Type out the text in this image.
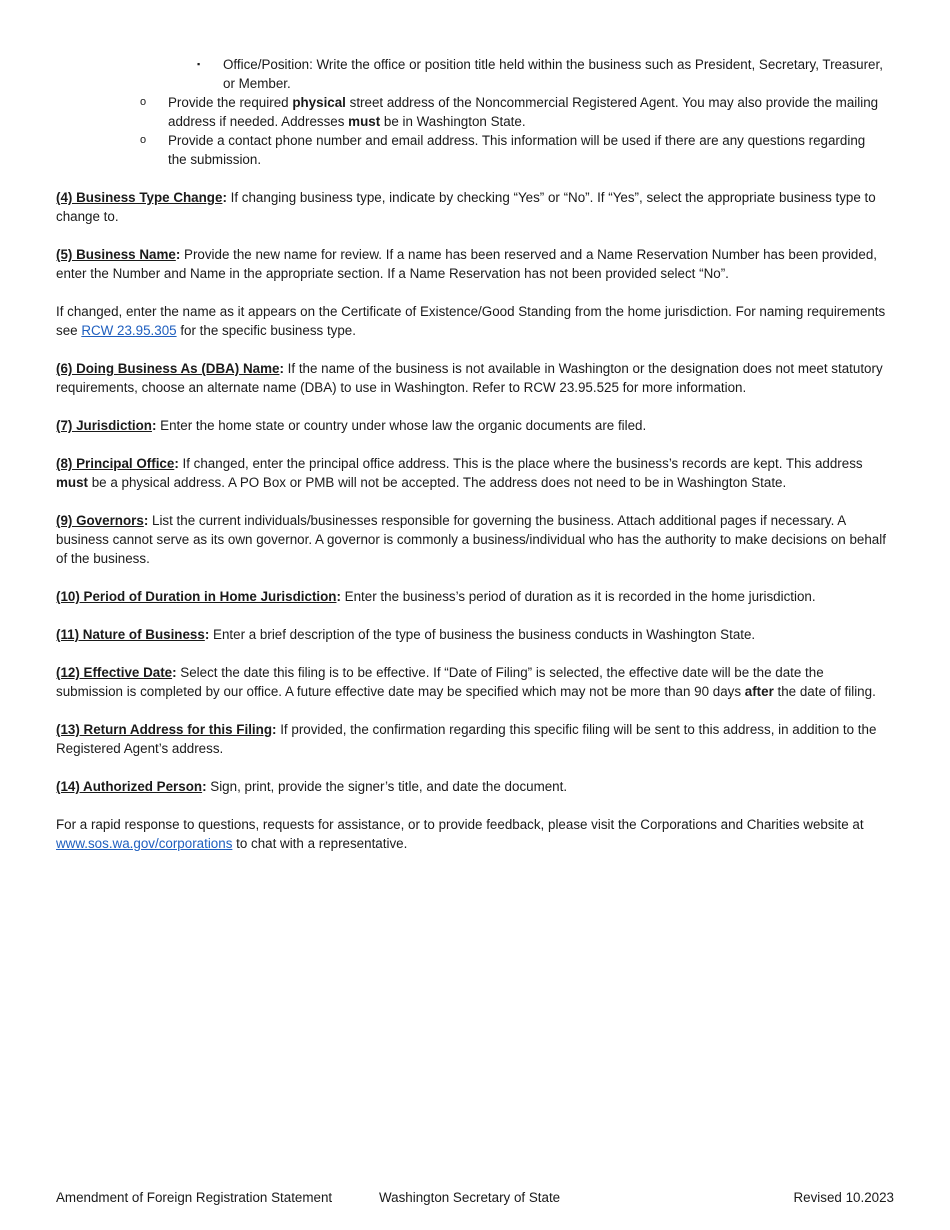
▪ Office/Position: Write the office or position title held within the business such as President, Secretary, Treasurer, or Member.

o Provide the required physical street address of the Noncommercial Registered Agent. You may also provide the mailing address if needed. Addresses must be in Washington State.

o Provide a contact phone number and email address. This information will be used if there are any questions regarding the submission.

(4) Business Type Change: If changing business type, indicate by checking “Yes” or “No”. If “Yes”, select the appropriate business type to change to.

(5) Business Name: Provide the new name for review. If a name has been reserved and a Name Reservation Number has been provided, enter the Number and Name in the appropriate section. If a Name Reservation has not been provided select “No”.

If changed, enter the name as it appears on the Certificate of Existence/Good Standing from the home jurisdiction. For naming requirements see RCW 23.95.305 for the specific business type.

(6) Doing Business As (DBA) Name: If the name of the business is not available in Washington or the designation does not meet statutory requirements, choose an alternate name (DBA) to use in Washington. Refer to RCW 23.95.525 for more information.

(7) Jurisdiction: Enter the home state or country under whose law the organic documents are filed.

(8) Principal Office: If changed, enter the principal office address. This is the place where the business’s records are kept. This address must be a physical address. A PO Box or PMB will not be accepted. The address does not need to be in Washington State.

(9) Governors: List the current individuals/businesses responsible for governing the business. Attach additional pages if necessary. A business cannot serve as its own governor. A governor is commonly a business/individual who has the authority to make decisions on behalf of the business.

(10) Period of Duration in Home Jurisdiction: Enter the business’s period of duration as it is recorded in the home jurisdiction.

(11) Nature of Business: Enter a brief description of the type of business the business conducts in Washington State.

(12) Effective Date: Select the date this filing is to be effective. If “Date of Filing” is selected, the effective date will be the date the submission is completed by our office. A future effective date may be specified which may not be more than 90 days after the date of filing.

(13) Return Address for this Filing: If provided, the confirmation regarding this specific filing will be sent to this address, in addition to the Registered Agent’s address.

(14) Authorized Person: Sign, print, provide the signer’s title, and date the document.

For a rapid response to questions, requests for assistance, or to provide feedback, please visit the Corporations and Charities website at www.sos.wa.gov/corporations to chat with a representative.

Amendment of Foreign Registration Statement	Washington Secretary of State	Revised 10.2023
